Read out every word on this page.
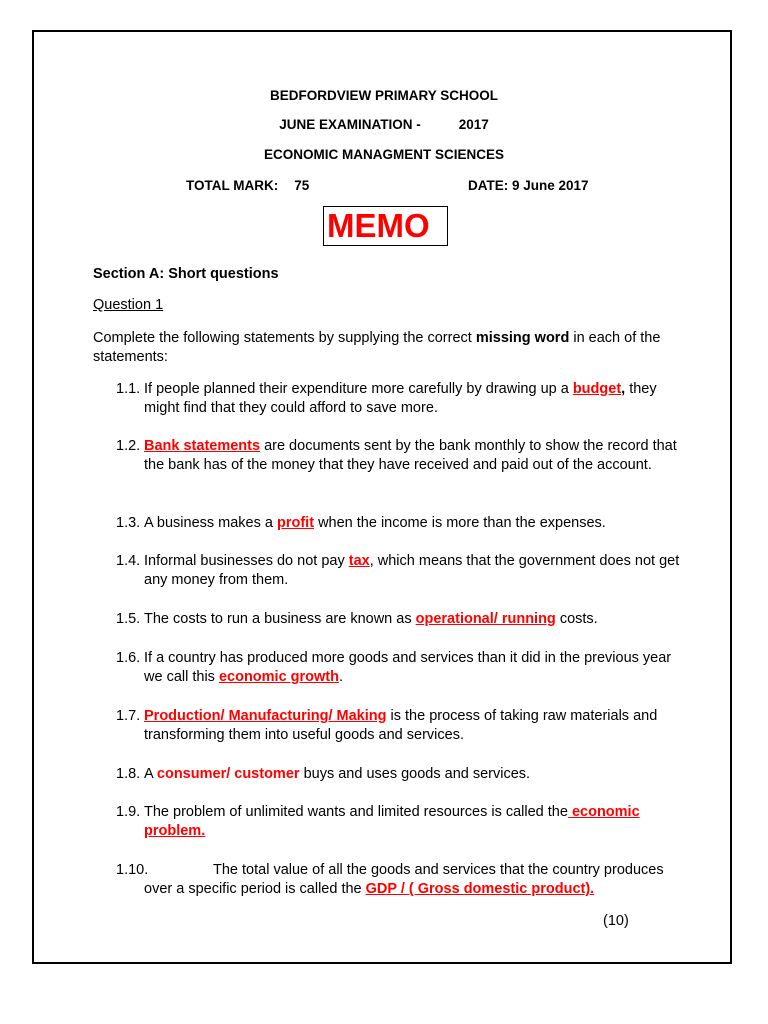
BEDFORDVIEW PRIMARY SCHOOL
JUNE EXAMINATION -	2017
ECONOMIC MANAGMENT SCIENCES
TOTAL MARK: 75	DATE: 9 June 2017
MEMO
Section A: Short questions
Question 1
Complete the following statements by supplying the correct missing word in each of the statements:
1.1. If people planned their expenditure more carefully by drawing up a budget, they might find that they could afford to save more.
1.2. Bank statements are documents sent by the bank monthly to show the record that the bank has of the money that they have received and paid out of the account.
1.3. A business makes a profit when the income is more than the expenses.
1.4. Informal businesses do not pay tax, which means that the government does not get any money from them.
1.5. The costs to run a business are known as operational/ running costs.
1.6. If a country has produced more goods and services than it did in the previous year we call this economic growth.
1.7. Production/ Manufacturing/ Making is the process of taking raw materials and transforming them into useful goods and services.
1.8. A consumer/ customer buys and uses goods and services.
1.9. The problem of unlimited wants and limited resources is called the economic problem.
1.10.	The total value of all the goods and services that the country produces over a specific period is called the GDP / ( Gross domestic product).
(10)
